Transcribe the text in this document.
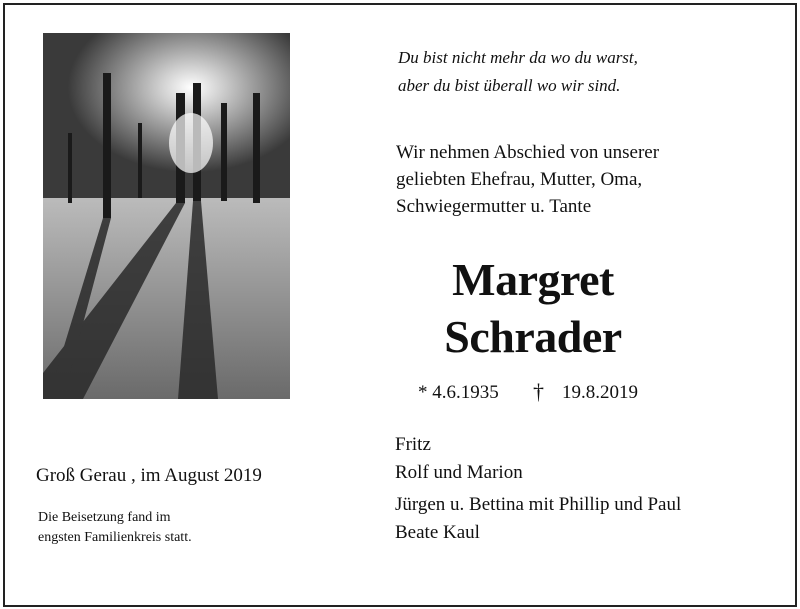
Du bist nicht mehr da wo du warst,
aber du bist überall wo wir sind.
Wir nehmen Abschied von unserer
geliebten Ehefrau, Mutter, Oma,
Schwiegermutter u. Tante
Margret
Schrader
* 4.6.1935 † 19.8.2019
Fritz
Rolf und Marion
Jürgen u. Bettina mit Phillip und Paul
Beate Kaul
Groß Gerau , im August 2019
Die Beisetzung fand im
engsten Familienkreis statt.
